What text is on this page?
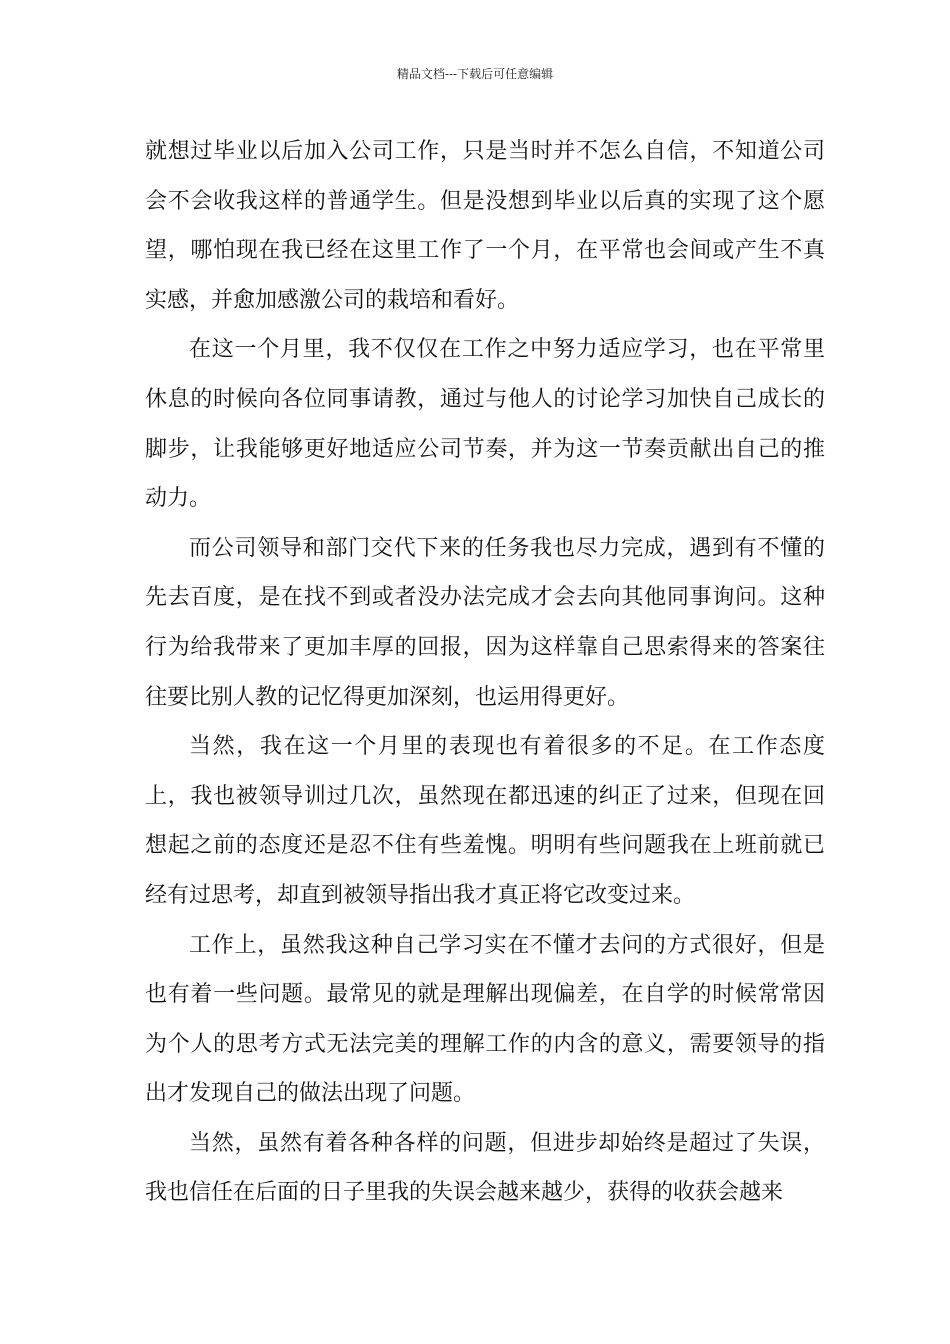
精品文档---下载后可任意编辑

就想过毕业以后加入公司工作，只是当时并不怎么自信，不知道公司会不会收我这样的普通学生。但是没想到毕业以后真的实现了这个愿望，哪怕现在我已经在这里工作了一个月，在平常也会间或产生不真实感，并愈加感激公司的栽培和看好。

在这一个月里，我不仅仅在工作之中努力适应学习，也在平常里休息的时候向各位同事请教，通过与他人的讨论学习加快自己成长的脚步，让我能够更好地适应公司节奏，并为这一节奏贡献出自己的推动力。

而公司领导和部门交代下来的任务我也尽力完成，遇到有不懂的先去百度，是在找不到或者没办法完成才会去向其他同事询问。这种行为给我带来了更加丰厚的回报，因为这样靠自己思索得来的答案往往要比别人教的记忆得更加深刻，也运用得更好。

当然，我在这一个月里的表现也有着很多的不足。在工作态度上，我也被领导训过几次，虽然现在都迅速的纠正了过来，但现在回想起之前的态度还是忍不住有些羞愧。明明有些问题我在上班前就已经有过思考，却直到被领导指出我才真正将它改变过来。

工作上，虽然我这种自己学习实在不懂才去问的方式很好，但是也有着一些问题。最常见的就是理解出现偏差，在自学的时候常常因为个人的思考方式无法完美的理解工作的内含的意义，需要领导的指出才发现自己的做法出现了问题。

当然，虽然有着各种各样的问题，但进步却始终是超过了失误，我也信任在后面的日子里我的失误会越来越少，获得的收获会越来
